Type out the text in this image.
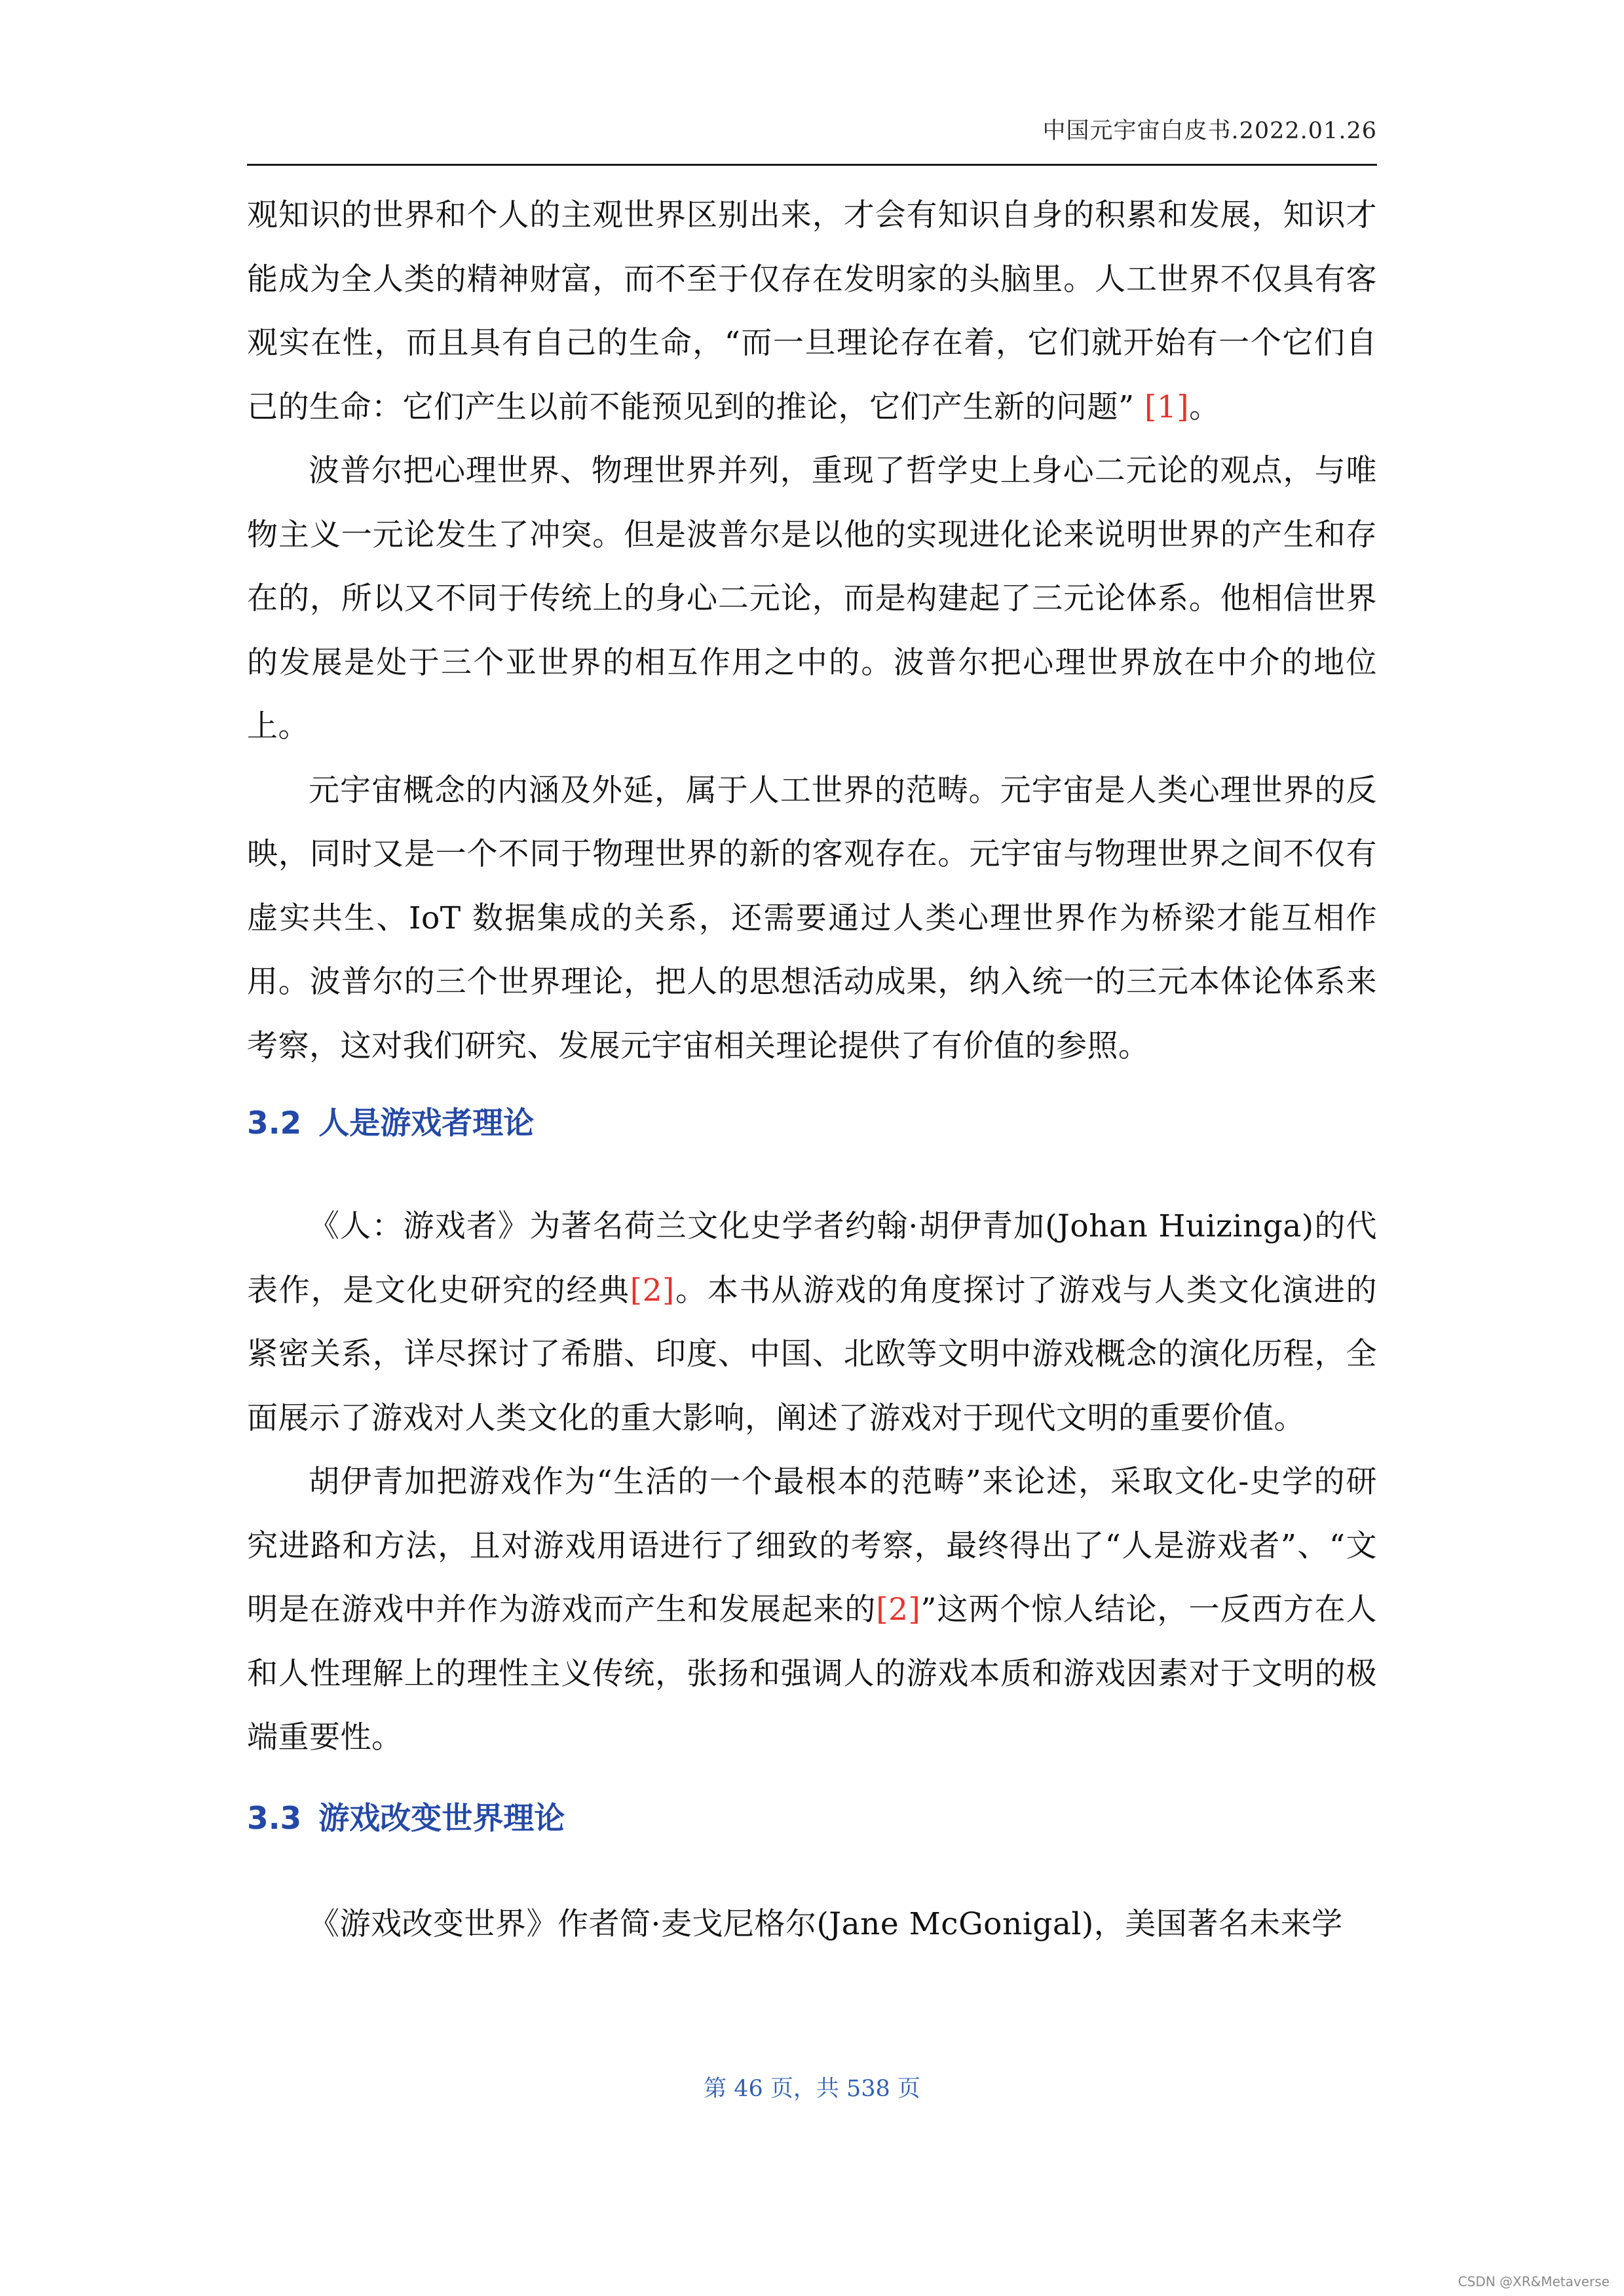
中国元宇宙白皮书.2022.01.26

观知识的世界和个人的主观世界区别出来，才会有知识自身的积累和发展，知识才能成为全人类的精神财富，而不至于仅存在发明家的头脑里。人工世界不仅具有客观实在性，而且具有自己的生命，“而一旦理论存在着，它们就开始有一个它们自己的生命：它们产生以前不能预见到的推论，它们产生新的问题” [1]。

波普尔把心理世界、物理世界并列，重现了哲学史上身心二元论的观点，与唯物主义一元论发生了冲突。但是波普尔是以他的实现进化论来说明世界的产生和存在的，所以又不同于传统上的身心二元论，而是构建起了三元论体系。他相信世界的发展是处于三个亚世界的相互作用之中的。波普尔把心理世界放在中介的地位上。

元宇宙概念的内涵及外延，属于人工世界的范畴。元宇宙是人类心理世界的反映，同时又是一个不同于物理世界的新的客观存在。元宇宙与物理世界之间不仅有虚实共生、IoT 数据集成的关系，还需要通过人类心理世界作为桥梁才能互相作用。波普尔的三个世界理论，把人的思想活动成果，纳入统一的三元本体论体系来考察，这对我们研究、发展元宇宙相关理论提供了有价值的参照。

3.2 人是游戏者理论

《人：游戏者》为著名荷兰文化史学者约翰·胡伊青加(Johan Huizinga)的代表作，是文化史研究的经典[2]。本书从游戏的角度探讨了游戏与人类文化演进的紧密关系，详尽探讨了希腊、印度、中国、北欧等文明中游戏概念的演化历程，全面展示了游戏对人类文化的重大影响，阐述了游戏对于现代文明的重要价值。

胡伊青加把游戏作为“生活的一个最根本的范畴”来论述，采取文化-史学的研究进路和方法，且对游戏用语进行了细致的考察，最终得出了“人是游戏者”、“文明是在游戏中并作为游戏而产生和发展起来的[2]”这两个惊人结论，一反西方在人和人性理解上的理性主义传统，张扬和强调人的游戏本质和游戏因素对于文明的极端重要性。

3.3 游戏改变世界理论

《游戏改变世界》作者简·麦戈尼格尔(Jane McGonigal)，美国著名未来学

第 46 页，共 538 页
CSDN @XR&Metaverse
